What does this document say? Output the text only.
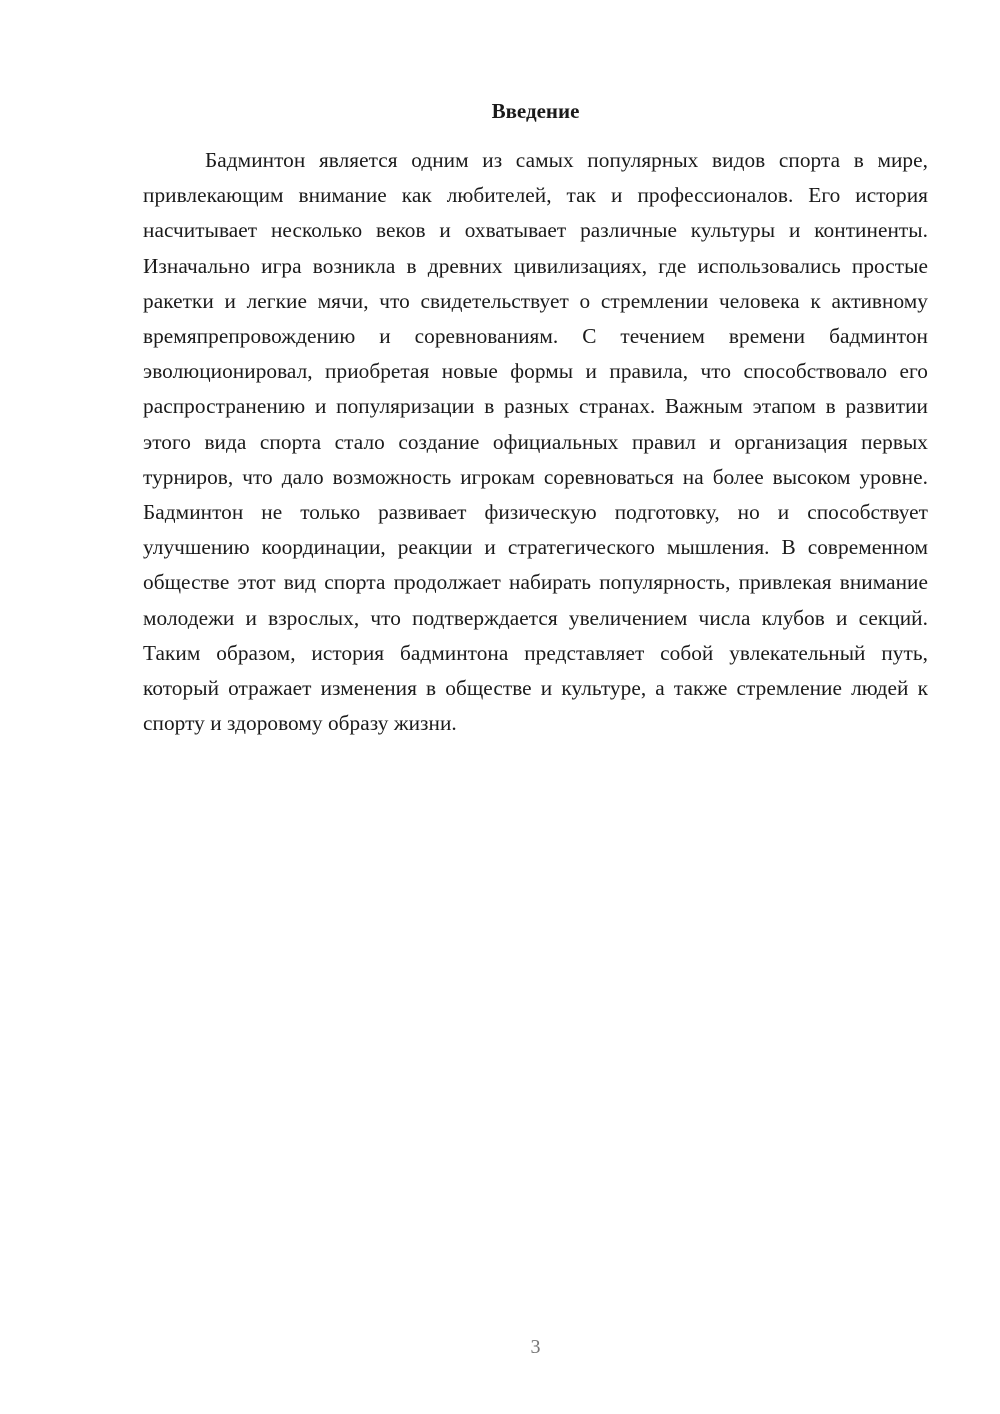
Введение

Бадминтон является одним из самых популярных видов спорта в мире, привлекающим внимание как любителей, так и профессионалов. Его история насчитывает несколько веков и охватывает различные культуры и континенты. Изначально игра возникла в древних цивилизациях, где использовались простые ракетки и легкие мячи, что свидетельствует о стремлении человека к активному времяпрепровождению и соревнованиям. С течением времени бадминтон эволюционировал, приобретая новые формы и правила, что способствовало его распространению и популяризации в разных странах. Важным этапом в развитии этого вида спорта стало создание официальных правил и организация первых турниров, что дало возможность игрокам соревноваться на более высоком уровне. Бадминтон не только развивает физическую подготовку, но и способствует улучшению координации, реакции и стратегического мышления. В современном обществе этот вид спорта продолжает набирать популярность, привлекая внимание молодежи и взрослых, что подтверждается увеличением числа клубов и секций. Таким образом, история бадминтона представляет собой увлекательный путь, который отражает изменения в обществе и культуре, а также стремление людей к спорту и здоровому образу жизни.

3
